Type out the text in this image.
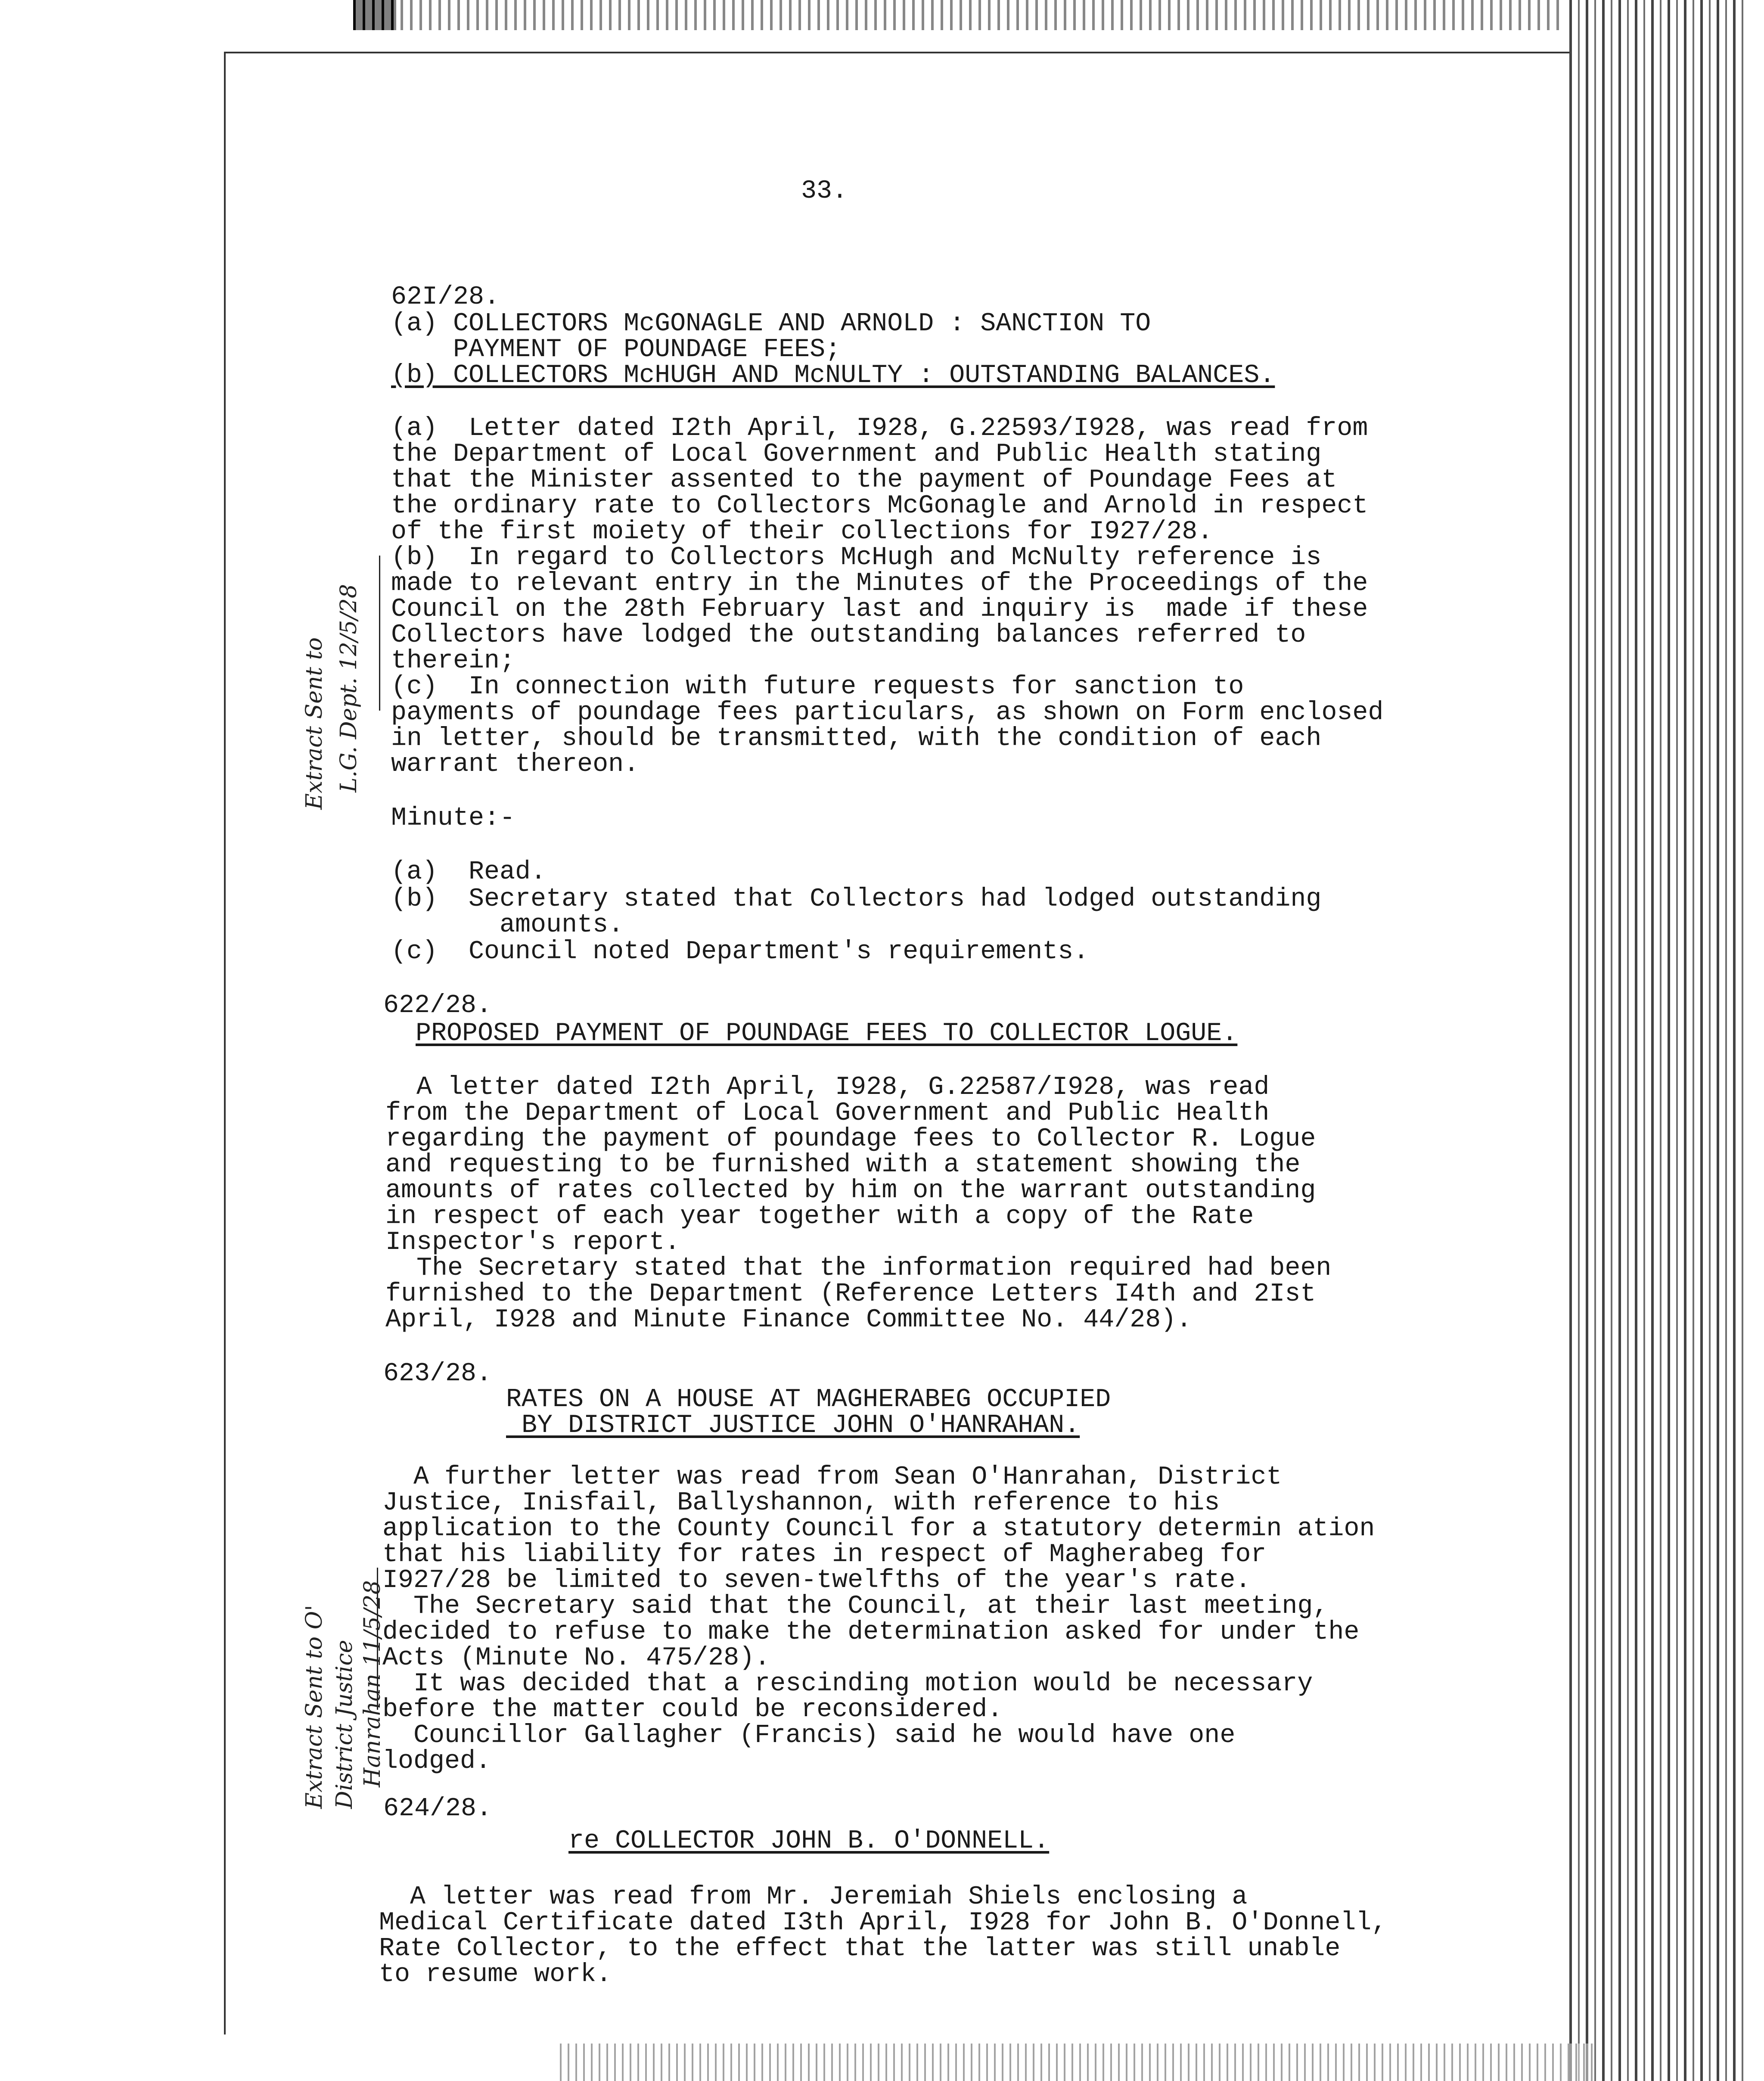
33.
62I/28.
(a) COLLECTORS McGONAGLE AND ARNOLD : SANCTION TO
PAYMENT OF POUNDAGE FEES;
(b) COLLECTORS McHUGH AND McNULTY : OUTSTANDING BALANCES.
(a)  Letter dated I2th April, I928, G.22593/I928, was read from
the Department of Local Government and Public Health stating
that the Minister assented to the payment of Poundage Fees at
the ordinary rate to Collectors McGonagle and Arnold in respect
of the first moiety of their collections for I927/28.
(b)  In regard to Collectors McHugh and McNulty reference is
made to relevant entry in the Minutes of the Proceedings of the
Council on the 28th February last and inquiry is  made if these
Collectors have lodged the outstanding balances referred to
therein;
(c)  In connection with future requests for sanction to
payments of poundage fees particulars, as shown on Form enclosed
in letter, should be transmitted, with the condition of each
warrant thereon.
Minute:-
(a)  Read.
(b)  Secretary stated that Collectors had lodged outstanding
amounts.
(c)  Council noted Department's requirements.
622/28.
PROPOSED PAYMENT OF POUNDAGE FEES TO COLLECTOR LOGUE.
A letter dated I2th April, I928, G.22587/I928, was read
from the Department of Local Government and Public Health
regarding the payment of poundage fees to Collector R. Logue
and requesting to be furnished with a statement showing the
amounts of rates collected by him on the warrant outstanding
in respect of each year together with a copy of the Rate
Inspector's report.
The Secretary stated that the information required had been
furnished to the Department (Reference Letters I4th and 2Ist
April, I928 and Minute Finance Committee No. 44/28).
623/28.
RATES ON A HOUSE AT MAGHERABEG OCCUPIED
BY DISTRICT JUSTICE JOHN O'HANRAHAN.
A further letter was read from Sean O'Hanrahan, District
Justice, Inisfail, Ballyshannon, with reference to his
application to the County Council for a statutory determin ation
that his liability for rates in respect of Magherabeg for
I927/28 be limited to seven-twelfths of the year's rate.
The Secretary said that the Council, at their last meeting,
decided to refuse to make the determination asked for under the
Acts (Minute No. 475/28).
It was decided that a rescinding motion would be necessary
before the matter could be reconsidered.
Councillor Gallagher (Francis) said he would have one
lodged.
624/28.
re COLLECTOR JOHN B. O'DONNELL.
A letter was read from Mr. Jeremiah Shiels enclosing a
Medical Certificate dated I3th April, I928 for John B. O'Donnell,
Rate Collector, to the effect that the latter was still unable
to resume work.
Extract Sent to L.G. Dept. 12/5/28
Extract Sent to O' District Justice Hanrahan 11/5/28
